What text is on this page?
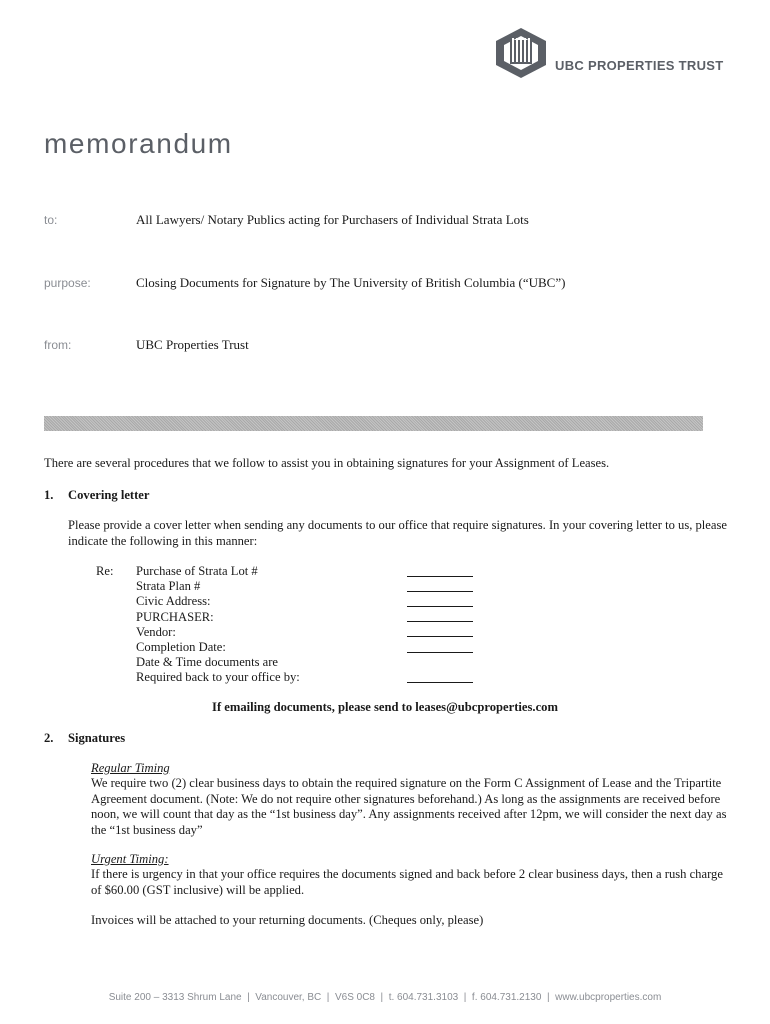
UBC PROPERTIES TRUST
memorandum
to:	All Lawyers/ Notary Publics acting for Purchasers of Individual Strata Lots
purpose:	Closing Documents for Signature by The University of British Columbia (“UBC”)
from:	UBC Properties Trust
There are several procedures that we follow to assist you in obtaining signatures for your Assignment of Leases.
1. Covering letter
Please provide a cover letter when sending any documents to our office that require signatures. In your covering letter to us, please indicate the following in this manner:
Re: Purchase of Strata Lot #
Strata Plan #
Civic Address:
PURCHASER:
Vendor:
Completion Date:
Date & Time documents are
Required back to your office by:
If emailing documents, please send to leases@ubcproperties.com
2. Signatures
Regular Timing
We require two (2) clear business days to obtain the required signature on the Form C Assignment of Lease and the Tripartite Agreement document. (Note: We do not require other signatures beforehand.) As long as the assignments are received before noon, we will count that day as the “1st business day”. Any assignments received after 12pm, we will consider the next day as the “1st business day”
Urgent Timing:
If there is urgency in that your office requires the documents signed and back before 2 clear business days, then a rush charge of $60.00 (GST inclusive) will be applied.
Invoices will be attached to your returning documents. (Cheques only, please)
Suite 200 – 3313 Shrum Lane  |  Vancouver, BC  |  V6S 0C8  |  t. 604.731.3103  |  f. 604.731.2130  |  www.ubcproperties.com
